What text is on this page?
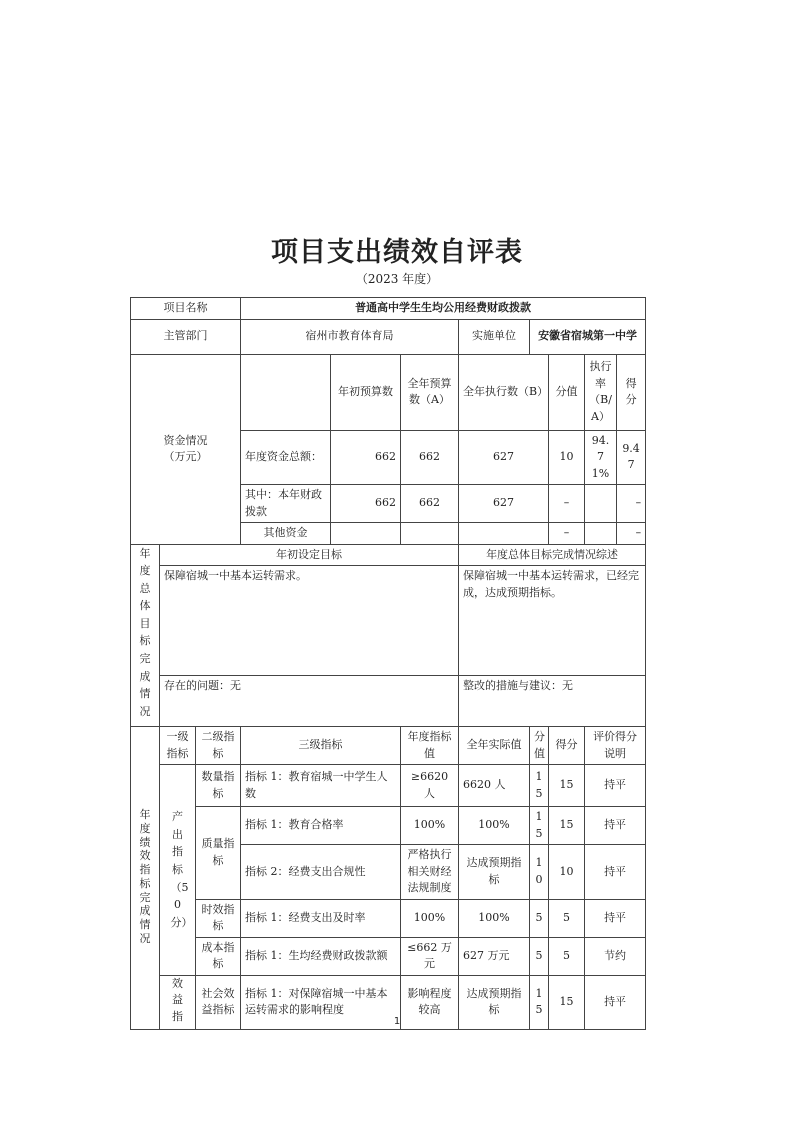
项目支出绩效自评表
（2023 年度）
项目名称			普通高中学生生均公用经费财政拨款							
主管部门			宿州市教育体育局			实施单位	安徽省宿城第一中学			
资金情况（万元）				年初预算数	全年预算数（A）	全年执行数（B）		分值	执行率（B/A）	得分
			年度资金总额：	662	662	627		10	94.71%	9.47
			其中：本年财政拨款	662	662	627		–		–
			其他资金					–		–
年度总体目标完成情况	年初设定目标					年度总体目标完成情况综述				
	保障宿城一中基本运转需求。					保障宿城一中基本运转需求，已经完成，达成预期指标。				
	存在的问题：无					整改的措施与建议：无				
年度绩效指标完成情况	一级指标	二级指标	三级指标		年度指标值	全年实际值	分值	得分	评价得分说明	
	产出指标（50分）	数量指标	指标 1：教育宿城一中学生人数		≥6620 人	6620 人	15	15	持平	
		质量指标	指标 1：教育合格率		100%	100%	15	15	持平	
			指标 2：经费支出合规性		严格执行相关财经法规制度	达成预期指标	10	10	持平	
		时效指标	指标 1：经费支出及时率		100%	100%	5	5	持平	
		成本指标	指标 1：生均经费财政拨款额		≤662 万元	627 万元	5	5	节约	
	效益指	社会效益指标	指标 1：对保障宿城一中基本运转需求的影响程度		影响程度较高	达成预期指标	15	15	持平	
1
